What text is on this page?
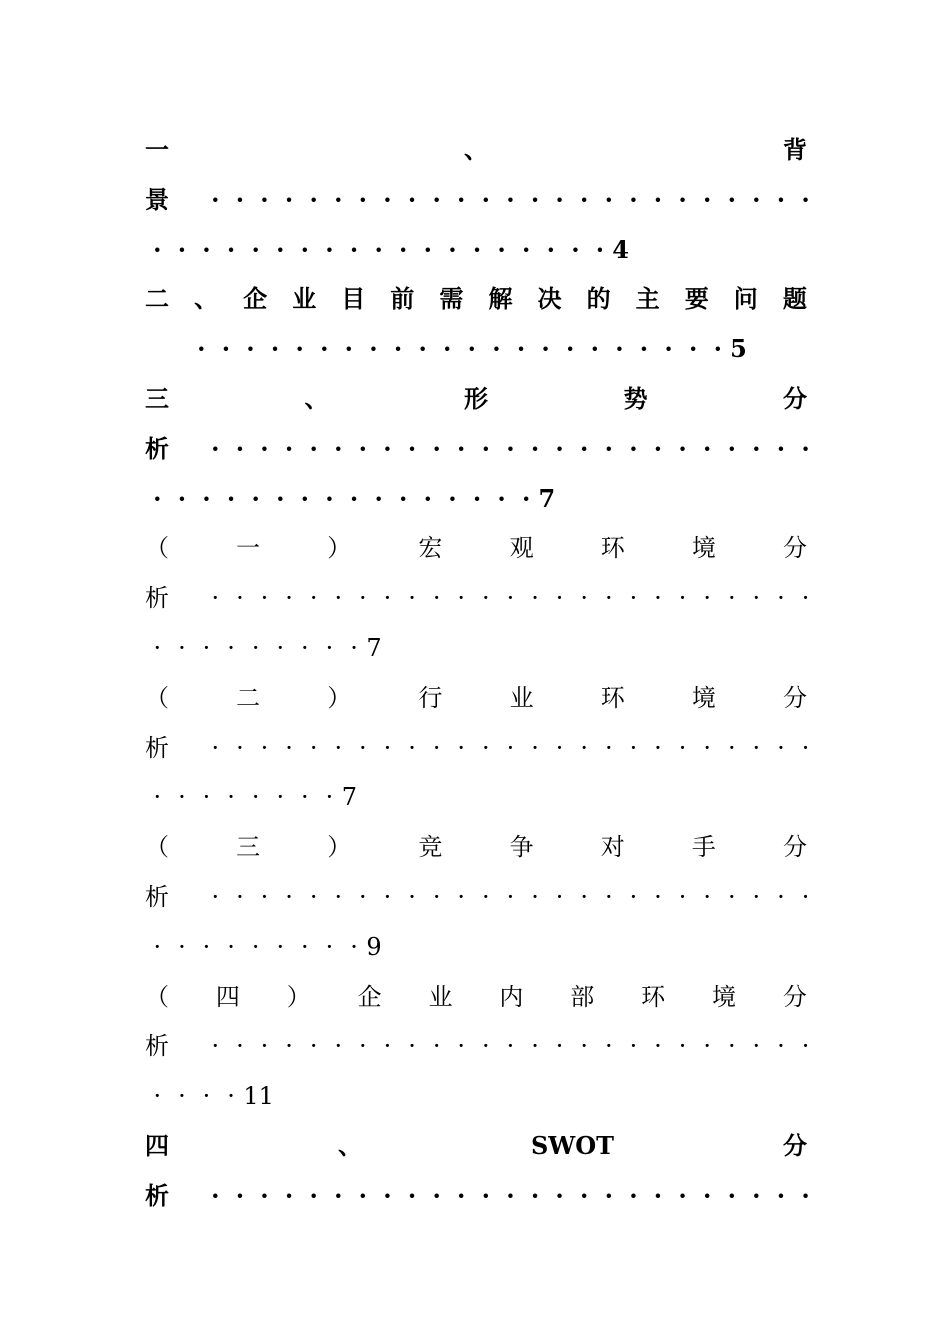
一	、	背
景	· · · · · · · · · · · · · · · · · · · · · · · · ·
· · · · · · · · · · · · · · · · · · · 4
二 、 企 业 目 前 需 解 决 的 主 要 问 题
· · · · · · · · · · · · · · · · · · · · · · 5
三	、	形	势	分
析	· · · · · · · · · · · · · · · · · · · · · · · · ·
· · · · · · · · · · · · · · · · 7
（	一	）	宏	观	环	境	分
析	· · · · · · · · · · · · · · · · · · · · · · · · ·
· · · · · · · · · 7
（	二	）	行	业	环	境	分
析	· · · · · · · · · · · · · · · · · · · · · · · · ·
· · · · · · · · 7
（	三	）	竞	争	对	手	分
析	· · · · · · · · · · · · · · · · · · · · · · · · ·
· · · · · · · · · 9
（ 四 ） 企 业 内 部 环 境 分
析	· · · · · · · · · · · · · · · · · · · · · · · · ·
· · · · 11
四	、	SWOT	分
析	· · · · · · · · · · · · · · · · · · · · · · · · ·
